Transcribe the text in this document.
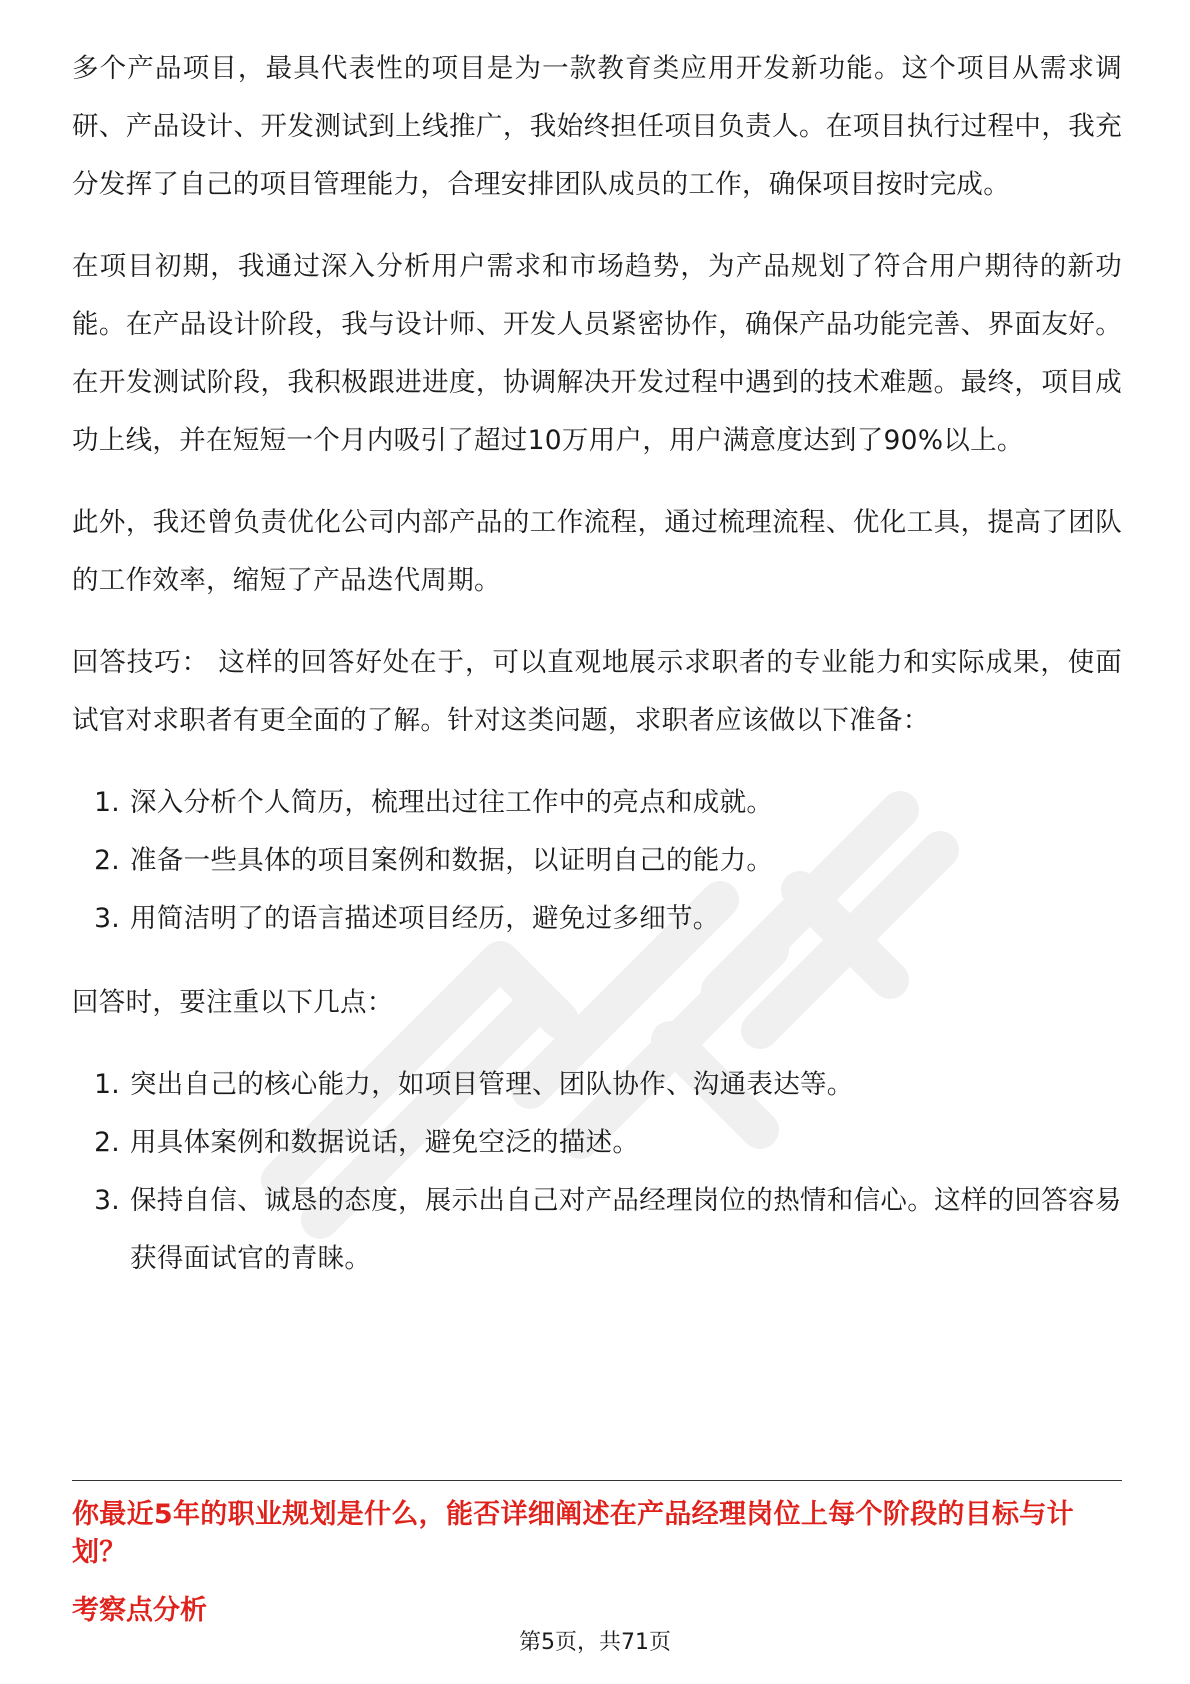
多个产品项目，最具代表性的项目是为一款教育类应用开发新功能。这个项目从需求调研、产品设计、开发测试到上线推广，我始终担任项目负责人。在项目执行过程中，我充分发挥了自己的项目管理能力，合理安排团队成员的工作，确保项目按时完成。

在项目初期，我通过深入分析用户需求和市场趋势，为产品规划了符合用户期待的新功能。在产品设计阶段，我与设计师、开发人员紧密协作，确保产品功能完善、界面友好。在开发测试阶段，我积极跟进进度，协调解决开发过程中遇到的技术难题。最终，项目成功上线，并在短短一个月内吸引了超过10万用户，用户满意度达到了90%以上。

此外，我还曾负责优化公司内部产品的工作流程，通过梳理流程、优化工具，提高了团队的工作效率，缩短了产品迭代周期。

回答技巧： 这样的回答好处在于，可以直观地展示求职者的专业能力和实际成果，使面试官对求职者有更全面的了解。针对这类问题，求职者应该做以下准备：

1. 深入分析个人简历，梳理出过往工作中的亮点和成就。
2. 准备一些具体的项目案例和数据，以证明自己的能力。
3. 用简洁明了的语言描述项目经历，避免过多细节。

回答时，要注重以下几点：

1. 突出自己的核心能力，如项目管理、团队协作、沟通表达等。
2. 用具体案例和数据说话，避免空泛的描述。
3. 保持自信、诚恳的态度，展示出自己对产品经理岗位的热情和信心。这样的回答容易获得面试官的青睐。
你最近5年的职业规划是什么，能否详细阐述在产品经理岗位上每个阶段的目标与计划？
考察点分析
第5页，共71页
